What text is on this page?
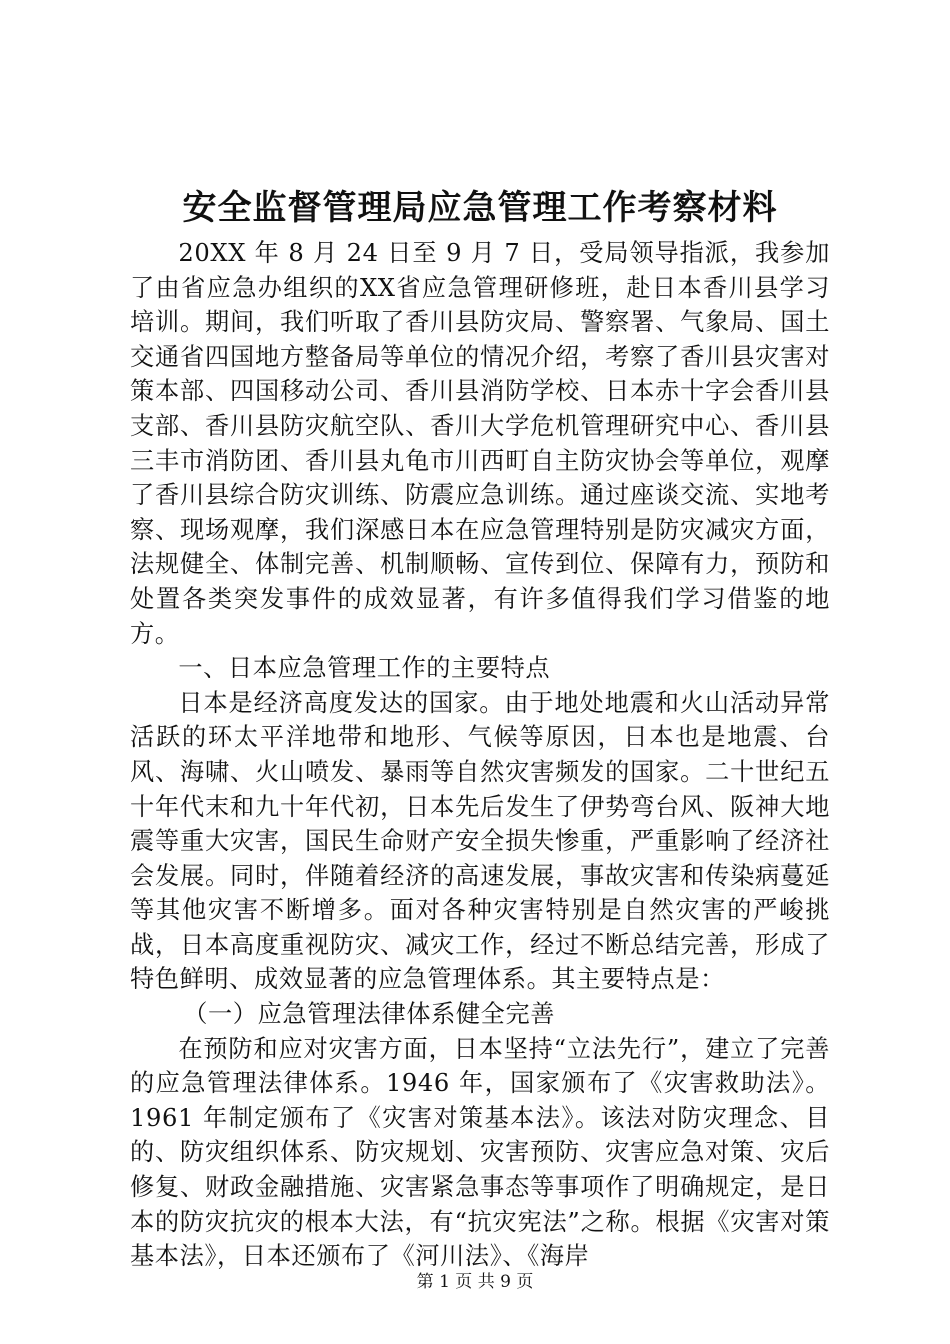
安全监督管理局应急管理工作考察材料

20XX 年 8 月 24 日至 9 月 7 日，受局领导指派，我参加了由省应急办组织的XX省应急管理研修班，赴日本香川县学习培训。期间，我们听取了香川县防灾局、警察署、气象局、国土交通省四国地方整备局等单位的情况介绍，考察了香川县灾害对策本部、四国移动公司、香川县消防学校、日本赤十字会香川县支部、香川县防灾航空队、香川大学危机管理研究中心、香川县三丰市消防团、香川县丸龟市川西町自主防灾协会等单位，观摩了香川县综合防灾训练、防震应急训练。通过座谈交流、实地考察、现场观摩，我们深感日本在应急管理特别是防灾减灾方面，法规健全、体制完善、机制顺畅、宣传到位、保障有力，预防和处置各类突发事件的成效显著，有许多值得我们学习借鉴的地方。

一、日本应急管理工作的主要特点

日本是经济高度发达的国家。由于地处地震和火山活动异常活跃的环太平洋地带和地形、气候等原因，日本也是地震、台风、海啸、火山喷发、暴雨等自然灾害频发的国家。二十世纪五十年代末和九十年代初，日本先后发生了伊势弯台风、阪神大地震等重大灾害，国民生命财产安全损失惨重，严重影响了经济社会发展。同时，伴随着经济的高速发展，事故灾害和传染病蔓延等其他灾害不断增多。面对各种灾害特别是自然灾害的严峻挑战，日本高度重视防灾、减灾工作，经过不断总结完善，形成了特色鲜明、成效显著的应急管理体系。其主要特点是：

（一）应急管理法律体系健全完善

在预防和应对灾害方面，日本坚持“立法先行”，建立了完善的应急管理法律体系。1946 年，国家颁布了《灾害救助法》。1961 年制定颁布了《灾害对策基本法》。该法对防灾理念、目的、防灾组织体系、防灾规划、灾害预防、灾害应急对策、灾后修复、财政金融措施、灾害紧急事态等事项作了明确规定，是日本的防灾抗灾的根本大法，有“抗灾宪法”之称。根据《灾害对策基本法》，日本还颁布了《河川法》、《海岸

第 1 页 共 9 页
